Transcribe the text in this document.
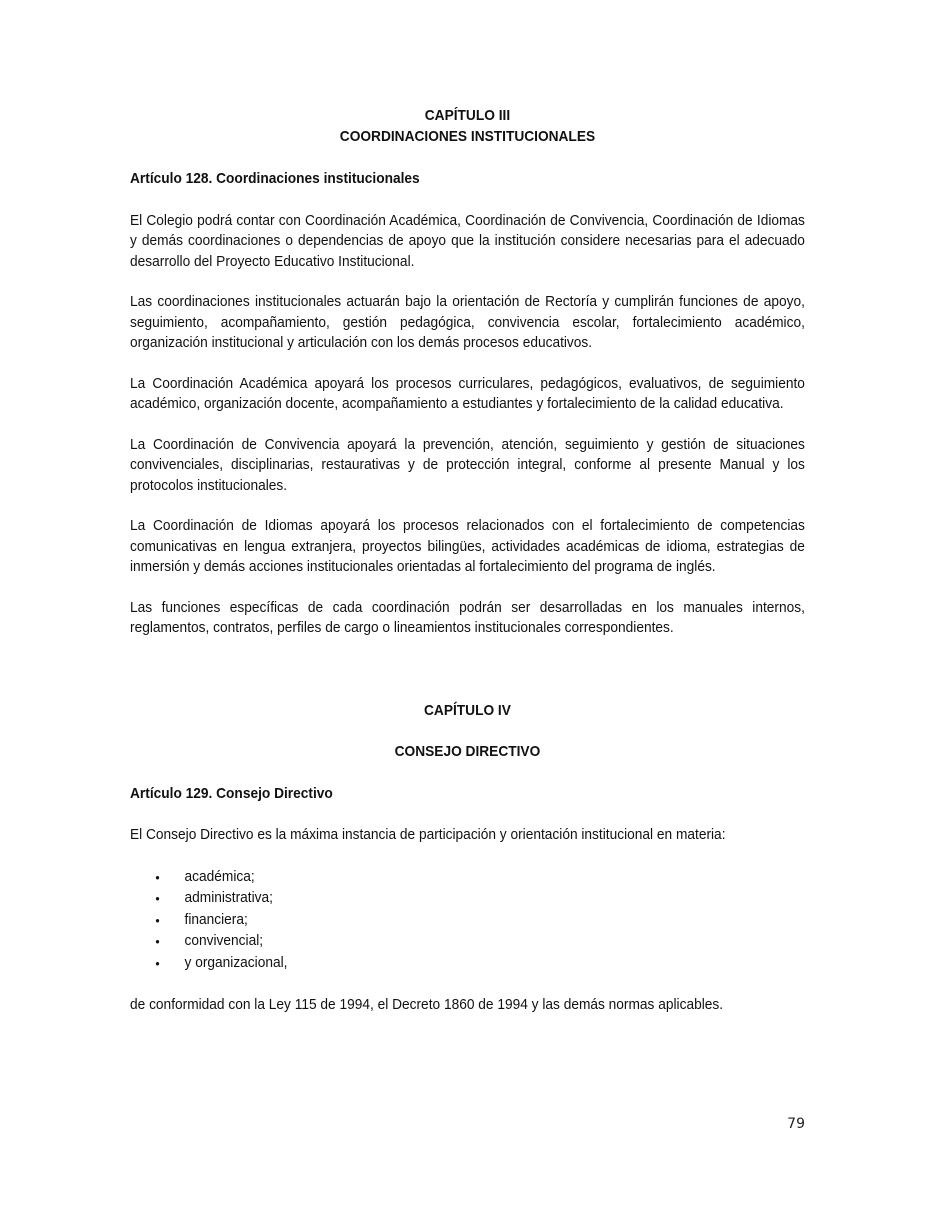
CAPÍTULO III
COORDINACIONES INSTITUCIONALES
Artículo 128. Coordinaciones institucionales

El Colegio podrá contar con Coordinación Académica, Coordinación de Convivencia, Coordinación de Idiomas y demás coordinaciones o dependencias de apoyo que la institución considere necesarias para el adecuado desarrollo del Proyecto Educativo Institucional.

Las coordinaciones institucionales actuarán bajo la orientación de Rectoría y cumplirán funciones de apoyo, seguimiento, acompañamiento, gestión pedagógica, convivencia escolar, fortalecimiento académico, organización institucional y articulación con los demás procesos educativos.

La Coordinación Académica apoyará los procesos curriculares, pedagógicos, evaluativos, de seguimiento académico, organización docente, acompañamiento a estudiantes y fortalecimiento de la calidad educativa.

La Coordinación de Convivencia apoyará la prevención, atención, seguimiento y gestión de situaciones convivenciales, disciplinarias, restaurativas y de protección integral, conforme al presente Manual y los protocolos institucionales.

La Coordinación de Idiomas apoyará los procesos relacionados con el fortalecimiento de competencias comunicativas en lengua extranjera, proyectos bilingües, actividades académicas de idioma, estrategias de inmersión y demás acciones institucionales orientadas al fortalecimiento del programa de inglés.

Las funciones específicas de cada coordinación podrán ser desarrolladas en los manuales internos, reglamentos, contratos, perfiles de cargo o lineamientos institucionales correspondientes.

CAPÍTULO IV
CONSEJO DIRECTIVO
Artículo 129. Consejo Directivo

El Consejo Directivo es la máxima instancia de participación y orientación institucional en materia:

• académica;
• administrativa;
• financiera;
• convivencial;
• y organizacional,

de conformidad con la Ley 115 de 1994, el Decreto 1860 de 1994 y las demás normas aplicables.

79
